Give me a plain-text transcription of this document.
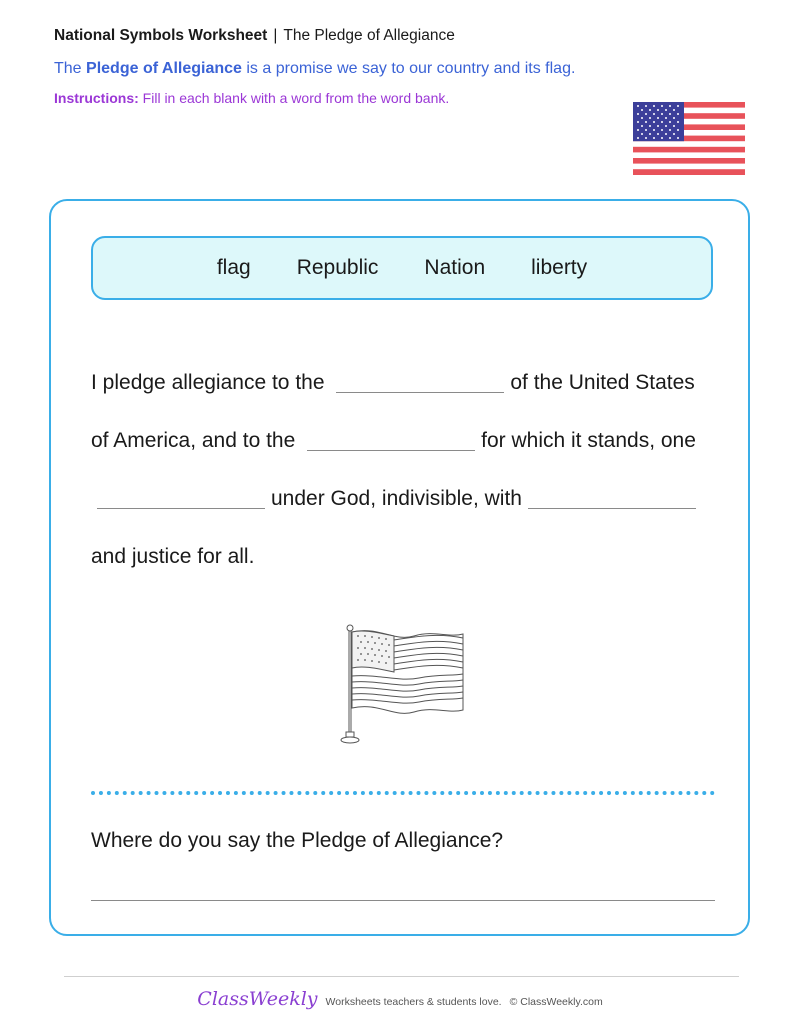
National Symbols Worksheet | The Pledge of Allegiance
The Pledge of Allegiance is a promise we say to our country and its flag.
Instructions: Fill in each blank with a word from the word bank.
flag Republic Nation liberty
I pledge allegiance to the	of the United States of America, and to the	for which it stands, one under God, indivisible, with and justice for all.
Where do you say the Pledge of Allegiance?
ClassWeekly Worksheets teachers & students love. © ClassWeekly.com
